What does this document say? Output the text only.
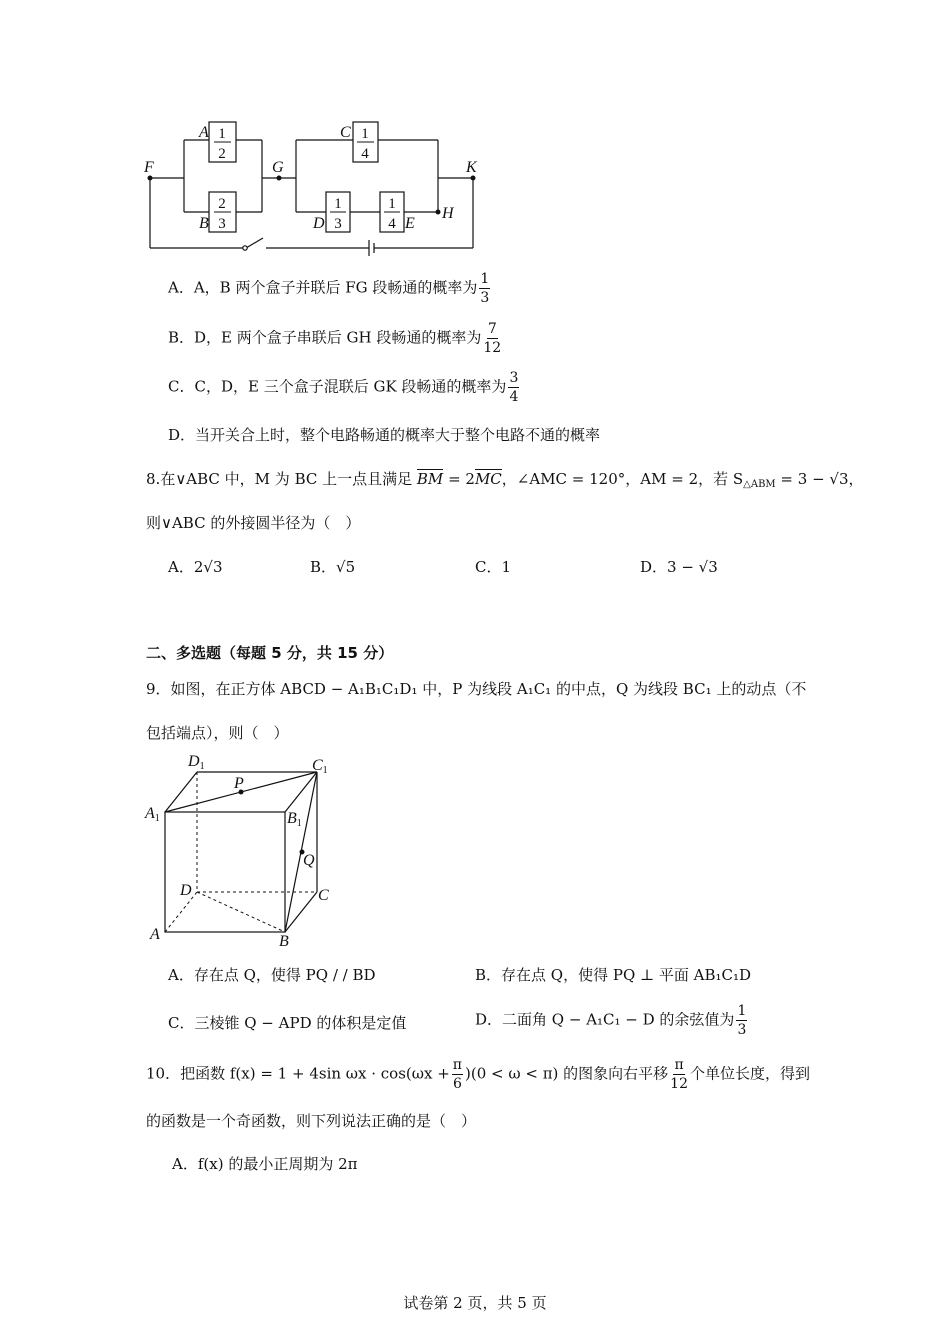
1
2
2
3
1
4
1
3
1
4
F	G	K
A
B
C
D	E
H
A．A，B 两个盒子并联后 FG 段畅通的概率为 $\frac{1}{3}$
B．D，E 两个盒子串联后 GH 段畅通的概率为 $\frac{7}{12}$
C．C，D，E 三个盒子混联后 GK 段畅通的概率为 $\frac{3}{4}$
D．当开关合上时，整个电路畅通的概率大于整个电路不通的概率
8.在∨ABC 中，M 为 BC 上一点且满足 BM = 2MC，∠AMC = 120°，AM = 2，若 $S_{\triangle ABM} = 3 - √3$，
则∨ABC 的外接圆半径为（　）
A．2√3	B．√5	C．1	D．3 − √3
二、多选题（每题 5 分，共 15 分）
9．如图，在正方体 ABCD − A₁B₁C₁D₁ 中，P 为线段 A₁C₁ 的中点，Q 为线段 BC₁ 上的动点（不
包括端点），则（　）
D1	C1
A1	B1
P
Q
D	C
A	B
A．存在点 Q，使得 PQ / / BD	B．存在点 Q，使得 PQ ⊥ 平面 AB₁C₁D
C．三棱锥 Q − APD 的体积是定值	D．二面角 Q − A₁C₁ − D 的余弦值为 $\frac{1}{3}$
10．把函数 f(x) = 1 + 4sin $\omega x \cdot \cos(\omega x + \frac{\pi}{6} )(0 < \omega < \pi)$ 的图象向右平移 $\frac{\pi}{12}$ 个单位长度，得到
的函数是一个奇函数，则下列说法正确的是（　）
A．f(x) 的最小正周期为 2π
试卷第 2 页，共 5 页
